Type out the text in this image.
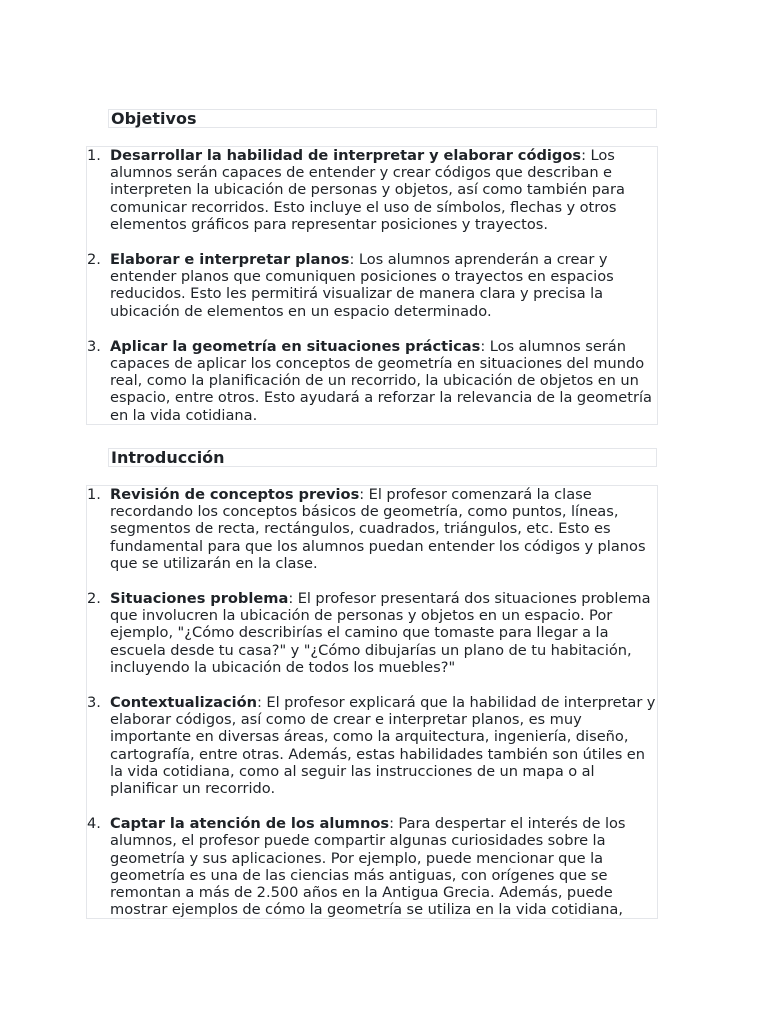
Objetivos
1. Desarrollar la habilidad de interpretar y elaborar códigos: Los alumnos serán capaces de entender y crear códigos que describan e interpreten la ubicación de personas y objetos, así como también para comunicar recorridos. Esto incluye el uso de símbolos, flechas y otros elementos gráficos para representar posiciones y trayectos.
2. Elaborar e interpretar planos: Los alumnos aprenderán a crear y entender planos que comuniquen posiciones o trayectos en espacios reducidos. Esto les permitirá visualizar de manera clara y precisa la ubicación de elementos en un espacio determinado.
3. Aplicar la geometría en situaciones prácticas: Los alumnos serán capaces de aplicar los conceptos de geometría en situaciones del mundo real, como la planificación de un recorrido, la ubicación de objetos en un espacio, entre otros. Esto ayudará a reforzar la relevancia de la geometría en la vida cotidiana.
Introducción
1. Revisión de conceptos previos: El profesor comenzará la clase recordando los conceptos básicos de geometría, como puntos, líneas, segmentos de recta, rectángulos, cuadrados, triángulos, etc. Esto es fundamental para que los alumnos puedan entender los códigos y planos que se utilizarán en la clase.
2. Situaciones problema: El profesor presentará dos situaciones problema que involucren la ubicación de personas y objetos en un espacio. Por ejemplo, "¿Cómo describirías el camino que tomaste para llegar a la escuela desde tu casa?" y "¿Cómo dibujarías un plano de tu habitación, incluyendo la ubicación de todos los muebles?"
3. Contextualización: El profesor explicará que la habilidad de interpretar y elaborar códigos, así como de crear e interpretar planos, es muy importante en diversas áreas, como la arquitectura, ingeniería, diseño, cartografía, entre otras. Además, estas habilidades también son útiles en la vida cotidiana, como al seguir las instrucciones de un mapa o al planificar un recorrido.
4. Captar la atención de los alumnos: Para despertar el interés de los alumnos, el profesor puede compartir algunas curiosidades sobre la geometría y sus aplicaciones. Por ejemplo, puede mencionar que la geometría es una de las ciencias más antiguas, con orígenes que se remontan a más de 2.500 años en la Antigua Grecia. Además, puede mostrar ejemplos de cómo la geometría se utiliza en la vida cotidiana,
